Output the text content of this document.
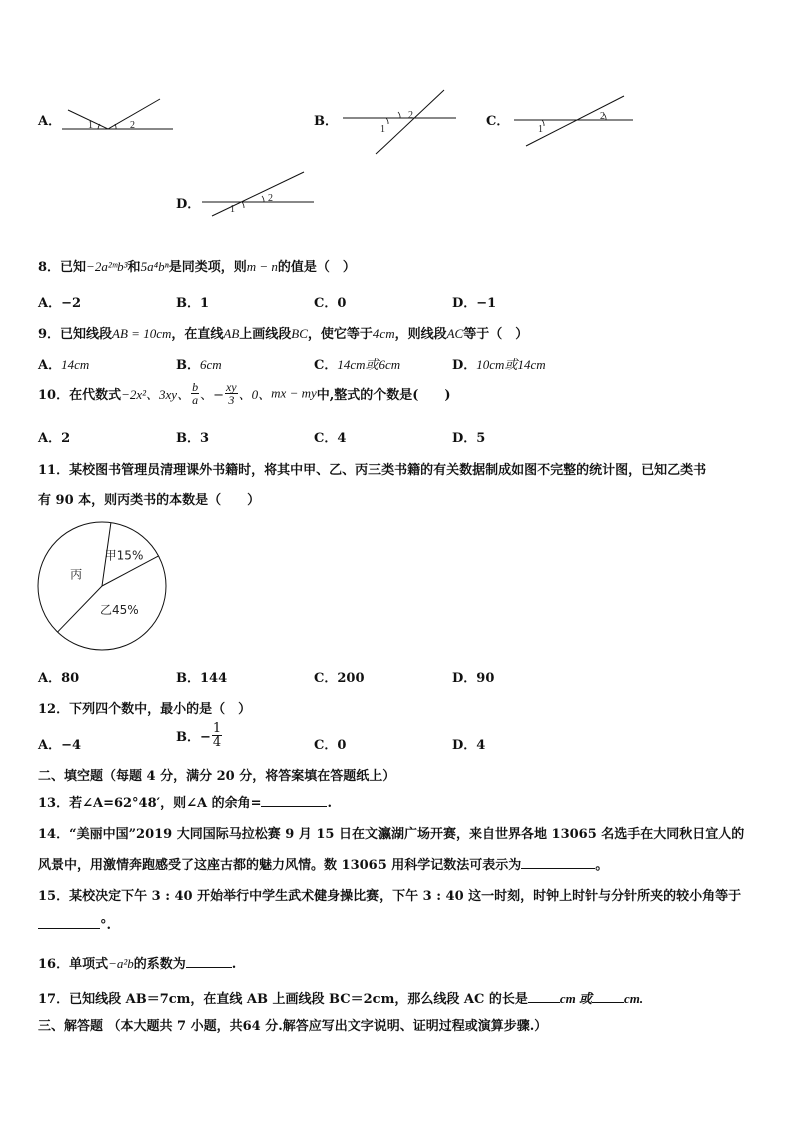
A．	1	2	B．
1
2	C．
1
2
D．	1
2
8．已知−2a²ᵐb³和5a⁴bⁿ是同类项，则m − n的值是（　）
A．−2	B．1	C．0	D．−1
9．已知线段AB = 10cm，在直线AB上画线段BC，使它等于4cm，则线段AC等于（　）
A．14cm	B．6cm	C．14cm或6cm	D．10cm或14cm
10．在代数式−2x²、3xy、 $\frac{b}{a}$ 、− $\frac{xy}{3}$ 、0、mx − my中,整式的个数是(　　)
A．2	B．3	C．4	D．5
11．某校图书管理员清理课外书籍时，将其中甲、乙、丙三类书籍的有关数据制成如图不完整的统计图，已知乙类书
有 90 本，则丙类书的本数是（　　）
甲15%
乙45%
丙
A．80	B．144	C．200	D．90
12．下列四个数中，最小的是（　）
A．−4
B．− $\frac{1}{4}$	C．0	D．4
二、填空题（每题 4 分，满分 20 分，将答案填在答题纸上）
13．若∠A=62°48′，则∠A 的余角=	.
14．“美丽中国”2019 大同国际马拉松赛 9 月 15 日在文瀛湖广场开赛，来自世界各地 13065 名选手在大同秋日宜人的
风景中，用激情奔跑感受了这座古都的魅力风情。数 13065 用科学记数法可表示为	。
15．某校决定下午 3 : 40 开始举行中学生武术健身操比赛，下午 3 : 40 这一时刻，时钟上时针与分针所夹的较小角等于
°.
16．单项式−a²b的系数为	.
17．已知线段 AB＝7cm，在直线 AB 上画线段 BC＝2cm，那么线段 AC 的长是 cm 或 cm.
三、解答题 （本大题共 7 小题，共64 分.解答应写出文字说明、证明过程或演算步骤.）
